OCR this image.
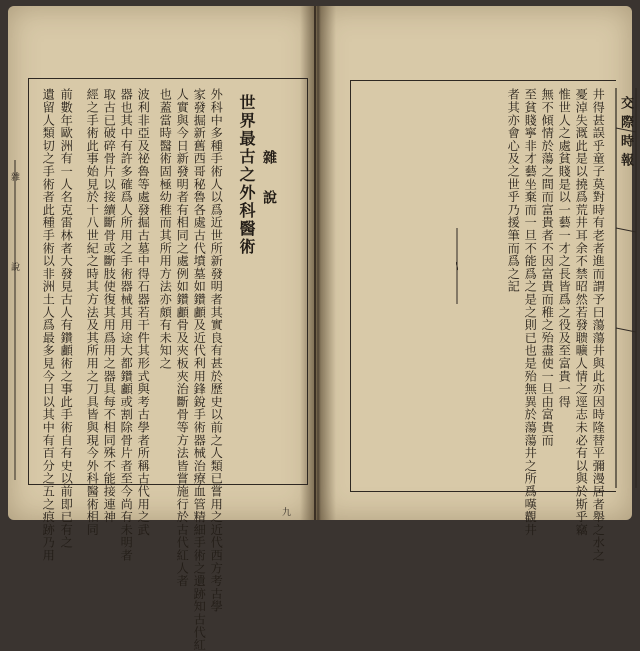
雜
說
雜說
世界最古之外科醫術
外科中多種手術人以爲近世所新發明者其實良有甚於歷史以前之人類已嘗用之近代西方考古學
家發掘新舊西哥秘魯各處古代墳墓如鑽顱及近代利用鋒銳手術器械治療血管精細手術之遺跡知古代紅
人實與今日新發明者有相同之處例如鑽顱骨及夾板夾治斷骨等方法皆嘗施行於古代紅人者
也蓋當時醫術固極幼稚而其所用方法亦頗有未知之
波利非亞及祕魯等處發掘古墓中得石器若干件其形式與考古學者所稱古代用之武
器也其中有許多確爲人所用之手術器械其用途大都鑽顱或割除骨片者至今尚有未明者
取古已破碎骨片以接續斷骨或斷肢使復其用爲用之器具每不相同殊不能接連神
經之手術此事始見於十八世紀之時其方法及其所用之刀具皆與現今外科醫術相同
前數年歐洲有一人名克雷林者大發見古人有鑽顱術之事此手術自有史以前即已有之
遺留人類切之手術者此種手術以非洲土人爲最多見今日以其中有百分之五之痕跡乃用	九	井得甚誤乎童子莫對時有老者進而謂予曰蕩蕩井與此亦因時隆替平彌漫居者舉之水之
憂淖失溉此是以撓爲荒井耳余不禁昭然若發聩曠人情之逕志未必有以與於斯乎竊
惟世人之處貧賤是以一藝一才之長皆爲之役及至富貴一得
無不傾情於蕩之間而富貴者不因富貴而稚之殆盡使一旦由富貴而
至貧賤寧非才藝坐棄而一旦不能爲之是之則已也是殆無異於蕩蕩井之所爲嘆觀井
者其亦會心及之世乎乃援筆而爲之記	交際時報
